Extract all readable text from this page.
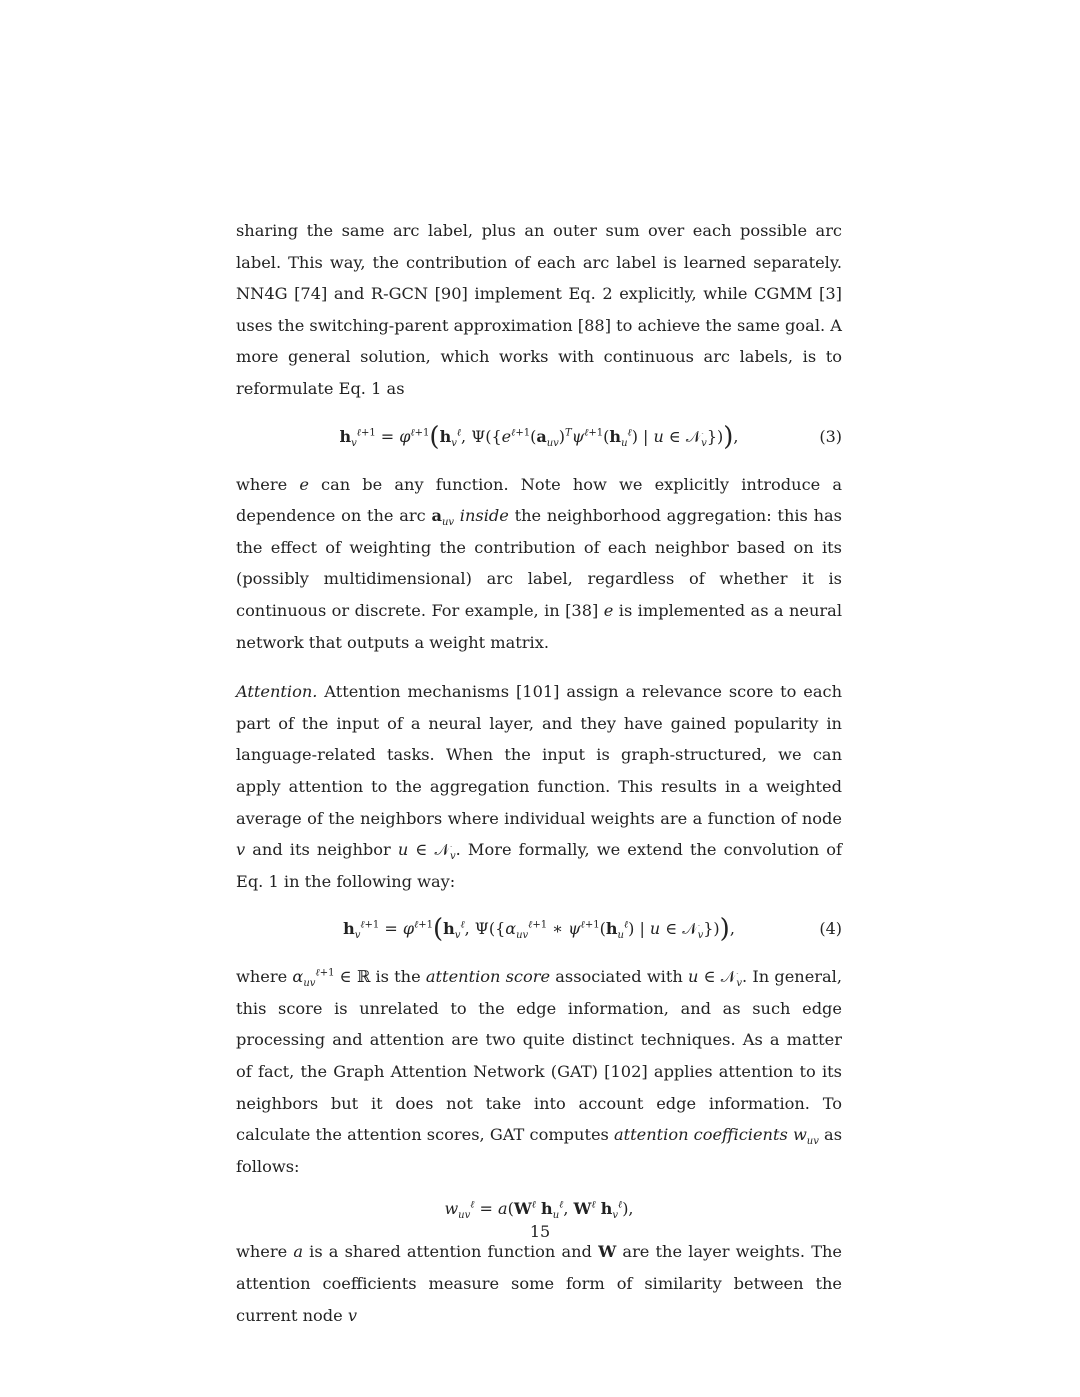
sharing the same arc label, plus an outer sum over each possible arc label. This way, the contribution of each arc label is learned separately. NN4G [74] and R-GCN [90] implement Eq. 2 explicitly, while CGMM [3] uses the switching-parent approximation [88] to achieve the same goal. A more general solution, which works with continuous arc labels, is to reformulate Eq. 1 as

$h_v^{\ell+1} = \varphi^{\ell+1}(h_v^\ell$, $\Psi(\{e^{\ell+1}(a_{uv})^T\psi^{\ell+1}(h_u^\ell)$ | u ∈ 𝒩$_v$})),	(3)

where e can be any function. Note how we explicitly introduce a dependence on the arc $a_{uv}$ inside the neighborhood aggregation: this has the effect of weighting the contribution of each neighbor based on its (possibly multidimensional) arc label, regardless of whether it is continuous or discrete. For example, in [38] e is implemented as a neural network that outputs a weight matrix.

Attention. Attention mechanisms [101] assign a relevance score to each part of the input of a neural layer, and they have gained popularity in language-related tasks. When the input is graph-structured, we can apply attention to the aggregation function. This results in a weighted average of the neighbors where individual weights are a function of node v and its neighbor u ∈ 𝒩$_v$. More formally, we extend the convolution of Eq. 1 in the following way:

$h_v^{\ell+1} = \varphi^{\ell+1}(h_v^\ell$, $\Psi(\{\alpha_{uv}^{\ell+1}$ ∗ $\psi^{\ell+1}(h_u^\ell)$ | u ∈ 𝒩$_v$})),	(4)

where $\alpha_{uv}^{\ell+1}$ ∈ ℝ is the attention score associated with u ∈ 𝒩$_v$. In general, this score is unrelated to the edge information, and as such edge processing and attention are two quite distinct techniques. As a matter of fact, the Graph Attention Network (GAT) [102] applies attention to its neighbors but it does not take into account edge information. To calculate the attention scores, GAT computes attention coefficients $w_{uv}$ as follows:

$w_{uv}^\ell = a(W^\ell$ $h_u^\ell$, $W^\ell$ $h_v^\ell$),

where a is a shared attention function and W are the layer weights. The attention coefficients measure some form of similarity between the current node v

15
